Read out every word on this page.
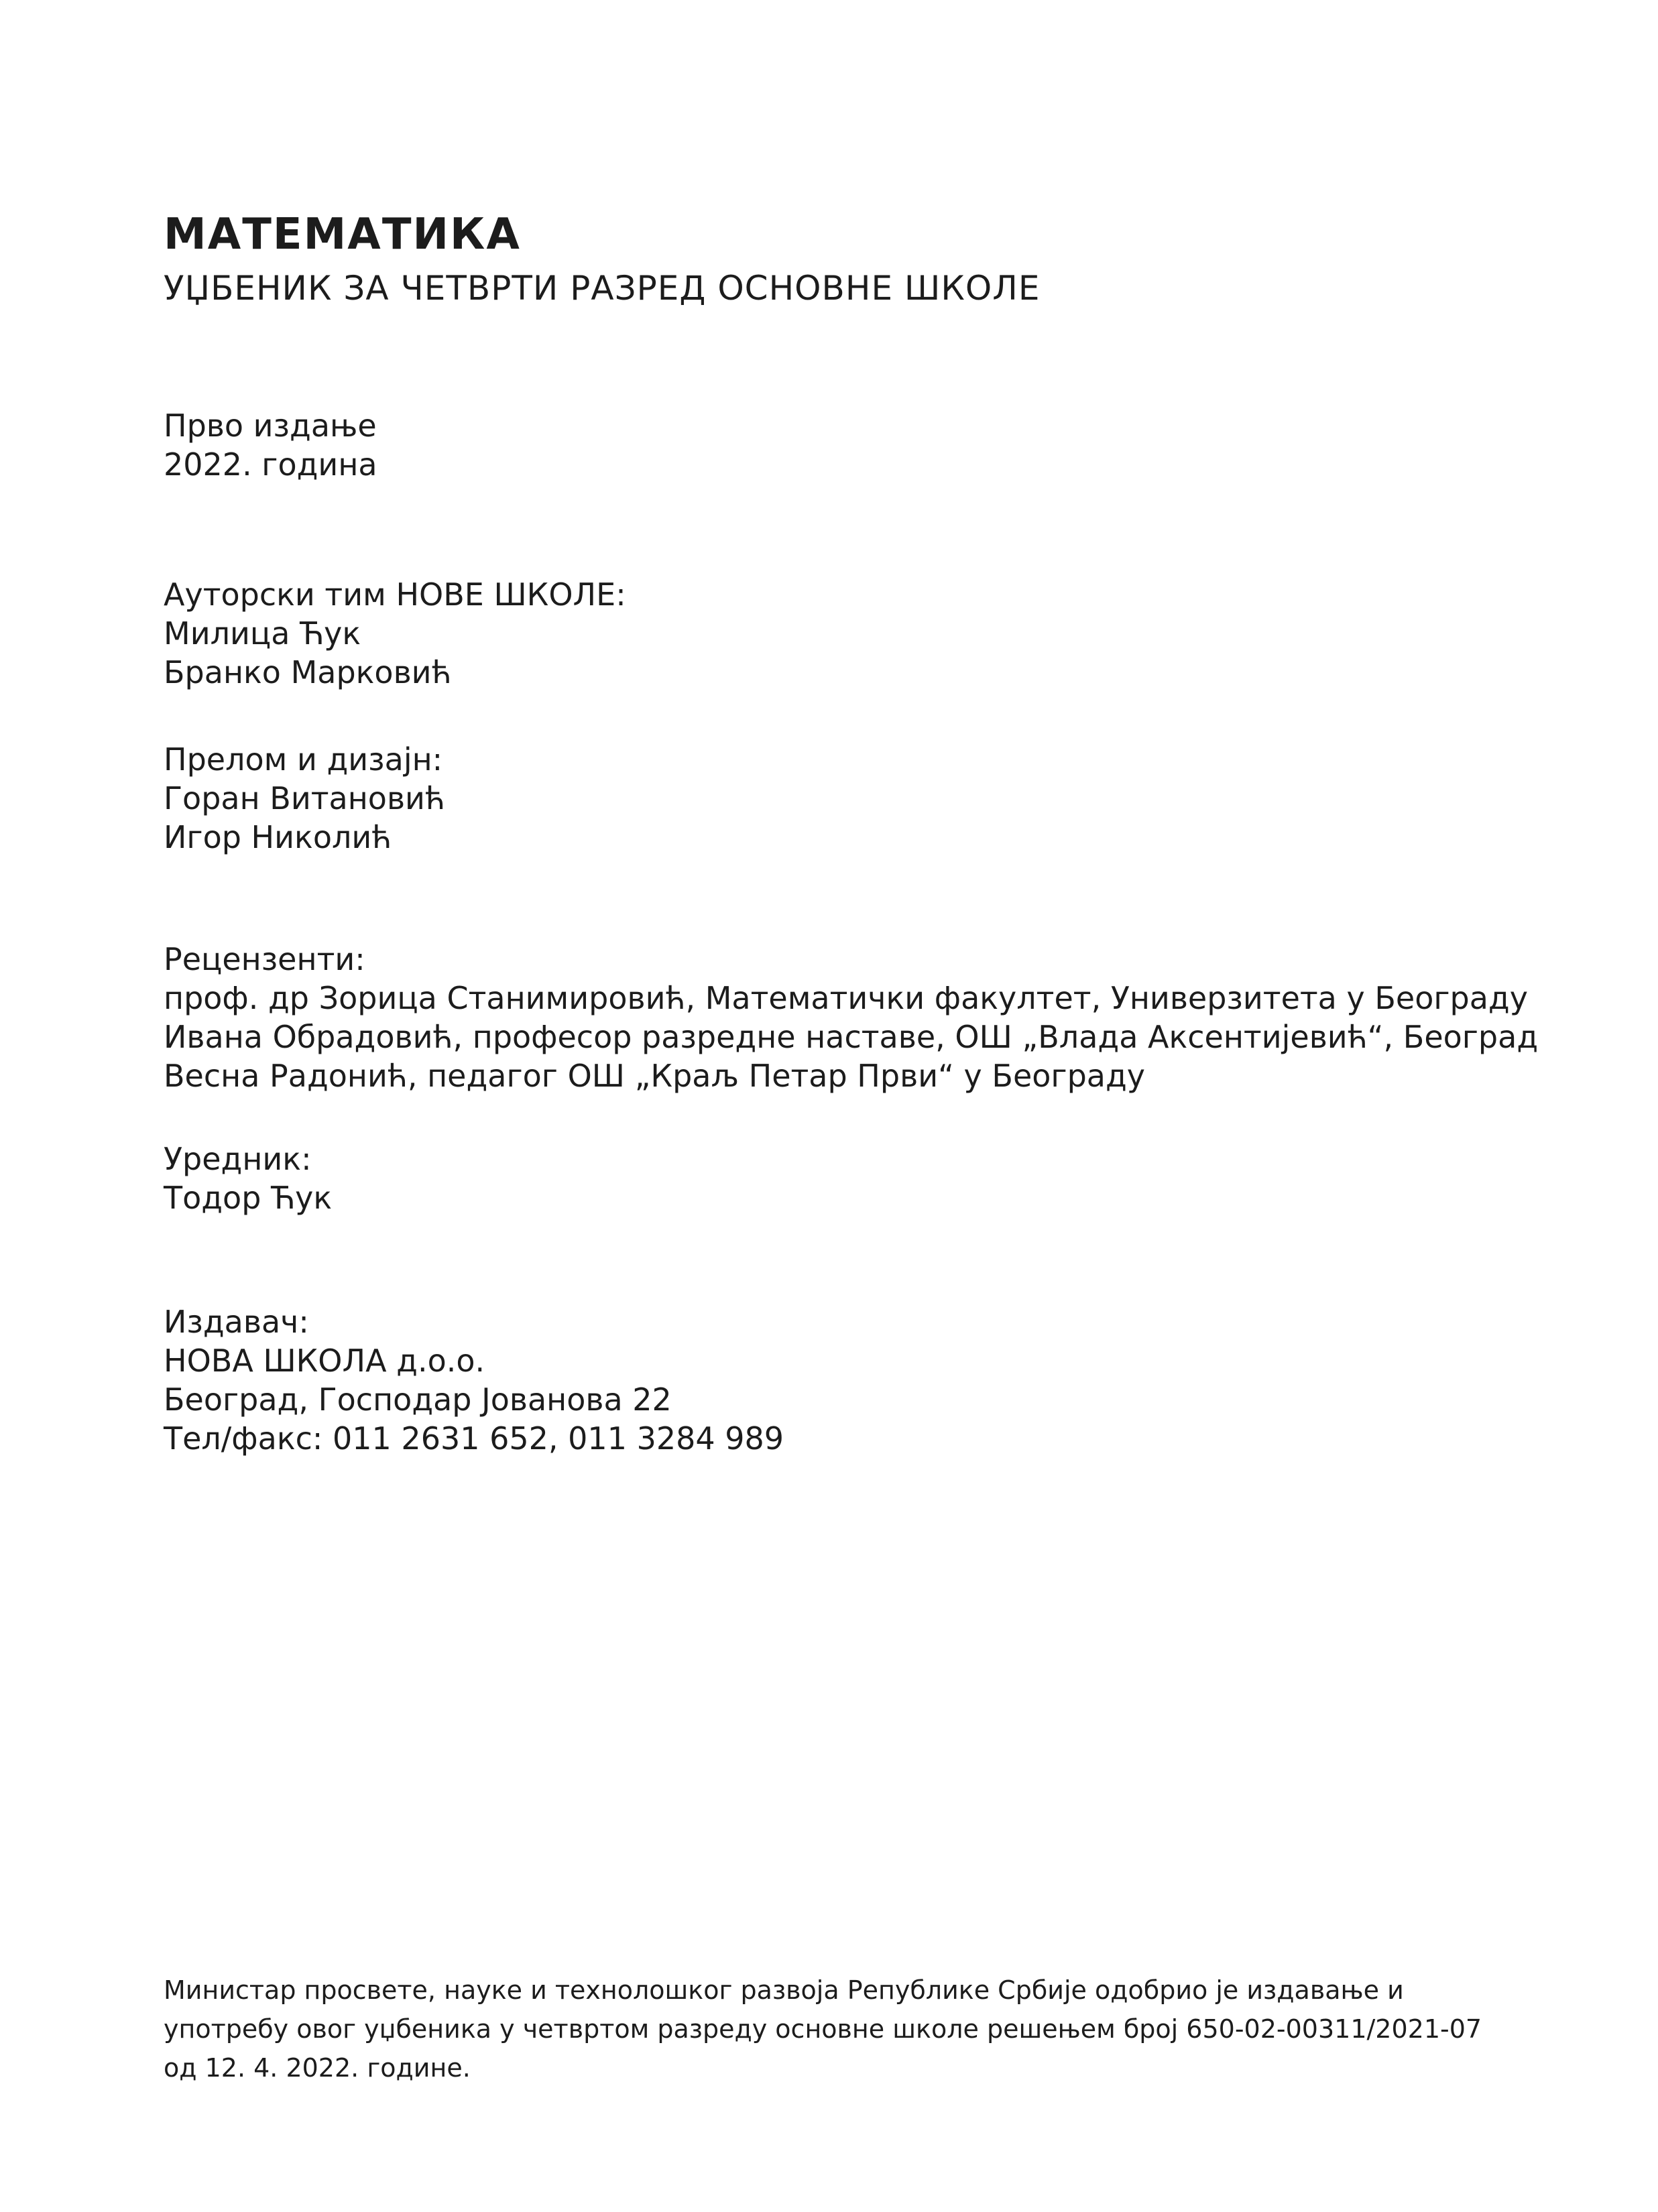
МАТЕМАТИКА
УЏБЕНИК ЗА ЧЕТВРТИ РАЗРЕД ОСНОВНЕ ШКОЛЕ
Прво издање
2022. година
Ауторски тим НОВЕ ШКОЛЕ:
Милица Ћук
Бранко Марковић
Прелом и дизајн:
Горан Витановић
Игор Николић
Рецензенти:
проф. др Зорица Станимировић, Математички факултет, Универзитета у Београду
Ивана Обрадовић, професор разредне наставе, ОШ „Влада Аксентијевић“, Београд
Весна Радонић, педагог ОШ „Краљ Петар Први“ у Београду
Уредник:
Тодор Ћук
Издавач:
НОВА ШКОЛА д.о.о.
Београд, Господар Јованова 22
Тел/факс: 011 2631 652, 011 3284 989
Министар просвете, науке и технолошког развоја Републике Србије одобрио је издавање и
употребу овог уџбеника у четвртом разреду основне школе решењем број 650-02-00311/2021-07
од 12. 4. 2022. године.
